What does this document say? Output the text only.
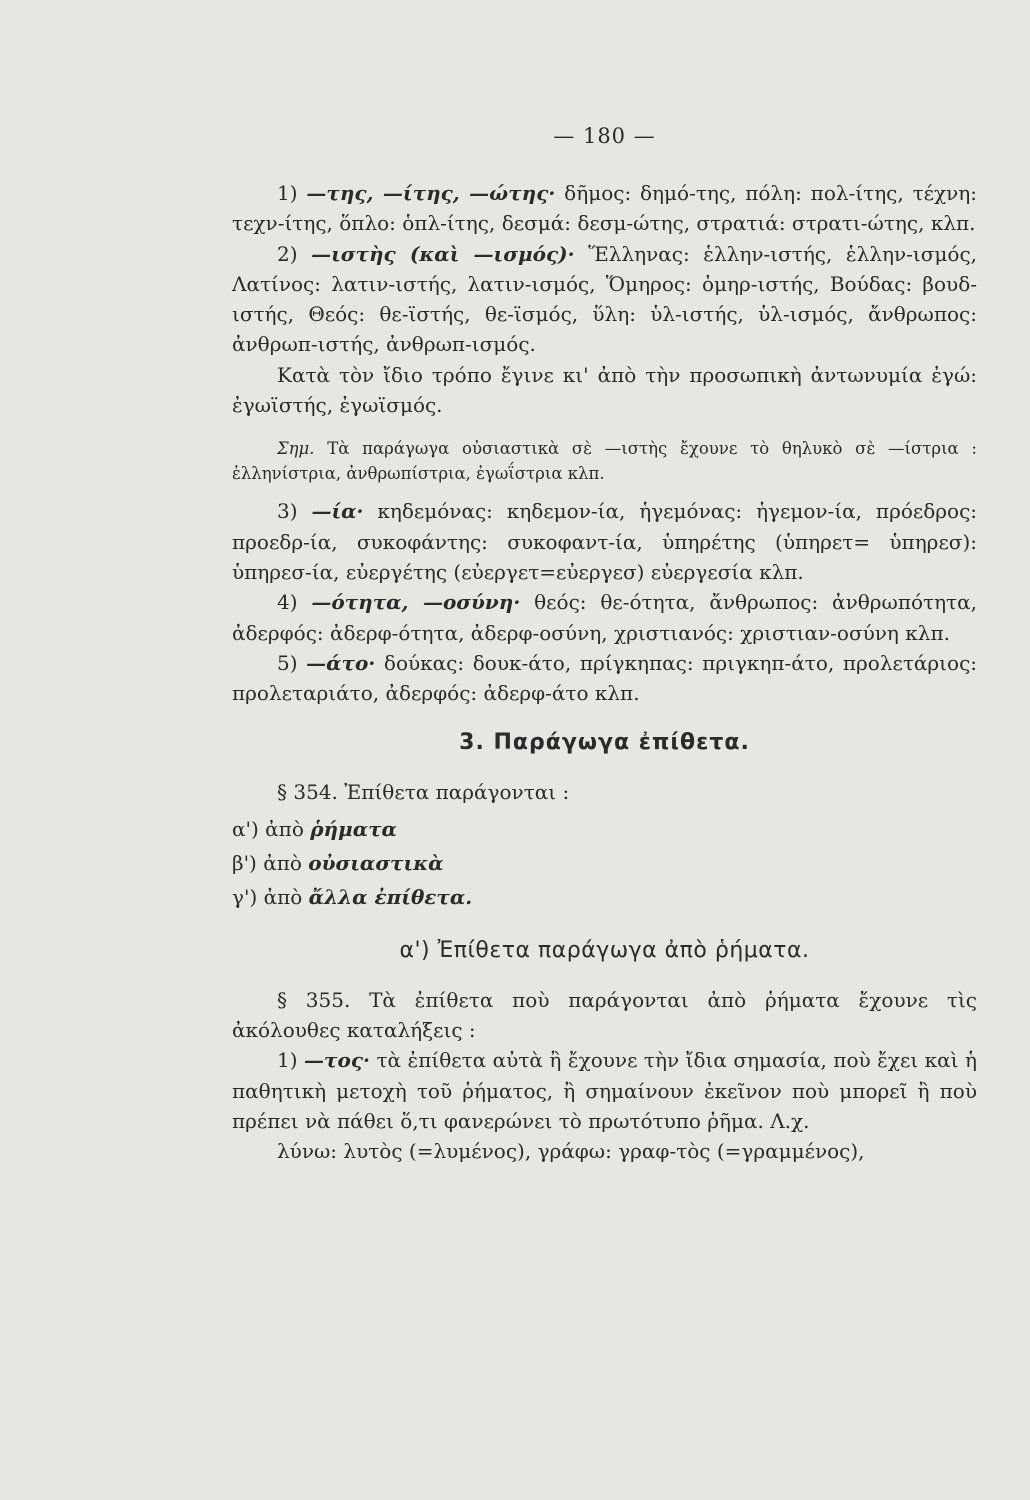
— 180 —

1) —της, —ίτης, —ώτης· δῆμος: δημό-της, πόλη: πολ-ίτης, τέχνη: τεχν-ίτης, ὅπλο: ὁπλ-ίτης, δεσμά: δεσμ-ώτης, στρατιά: στρατι-ώτης, κλπ.

2) —ιστὴς (καὶ —ισμός)· Ἕλληνας: ἑλλην-ιστής, ἑλλην-ισμός, Λατίνος: λατιν-ιστής, λατιν-ισμός, Ὅμηρος: ὁμηρ-ιστής, Βούδας: βουδ-ιστής, Θεός: θε-ϊστής, θε-ϊσμός, ὕλη: ὑλ-ιστής, ὑλ-ισμός, ἄνθρωπος: ἀνθρωπ-ιστής, ἀνθρωπ-ισμός.

Κατὰ τὸν ἴδιο τρόπο ἔγινε κι' ἀπὸ τὴν προσωπικὴ ἀντωνυμία ἐγώ: ἐγωϊστής, ἐγωϊσμός.

Σημ. Τὰ παράγωγα οὐσιαστικὰ σὲ —ιστὴς ἔχουνε τὸ θηλυκὸ σὲ —ίστρια : ἑλληνίστρια, ἀνθρωπίστρια, ἐγωΐστρια κλπ.

3) —ία· κηδεμόνας: κηδεμον-ία, ἡγεμόνας: ἡγεμον-ία, πρόεδρος: προεδρ-ία, συκοφάντης: συκοφαντ-ία, ὑπηρέτης (ὑπηρετ= ὑπηρεσ): ὑπηρεσ-ία, εὐεργέτης (εὐεργετ=εὐεργεσ) εὐεργεσία κλπ.

4) —ότητα, —οσύνη· θεός: θε-ότητα, ἄνθρωπος: ἀνθρωπότητα, ἀδερφός: ἀδερφ-ότητα, ἀδερφ-οσύνη, χριστιανός: χριστιαν-οσύνη κλπ.

5) —άτο· δούκας: δουκ-άτο, πρίγκηπας: πριγκηπ-άτο, προλετάριος: προλεταριάτο, ἀδερφός: ἀδερφ-άτο κλπ.

3. Παράγωγα ἐπίθετα.

§ 354. Ἐπίθετα παράγονται :

α') ἀπὸ ῥήματα

β') ἀπὸ οὐσιαστικὰ

γ') ἀπὸ ἄλλα ἐπίθετα.

α') Ἐπίθετα παράγωγα ἀπὸ ῥήματα.

§ 355. Τὰ ἐπίθετα ποὺ παράγονται ἀπὸ ῥήματα ἔχουνε τὶς ἀκόλουθες καταλήξεις :

1) —τος· τὰ ἐπίθετα αὐτὰ ἢ ἔχουνε τὴν ἴδια σημασία, ποὺ ἔχει καὶ ἡ παθητικὴ μετοχὴ τοῦ ῥήματος, ἢ σημαίνουν ἐκεῖνον ποὺ μπορεῖ ἢ ποὺ πρέπει νὰ πάθει ὅ,τι φανερώνει τὸ πρωτότυπο ῥῆμα. Λ.χ.

λύνω: λυτὸς (=λυμένος), γράφω: γραφ-τὸς (=γραμμένος),
